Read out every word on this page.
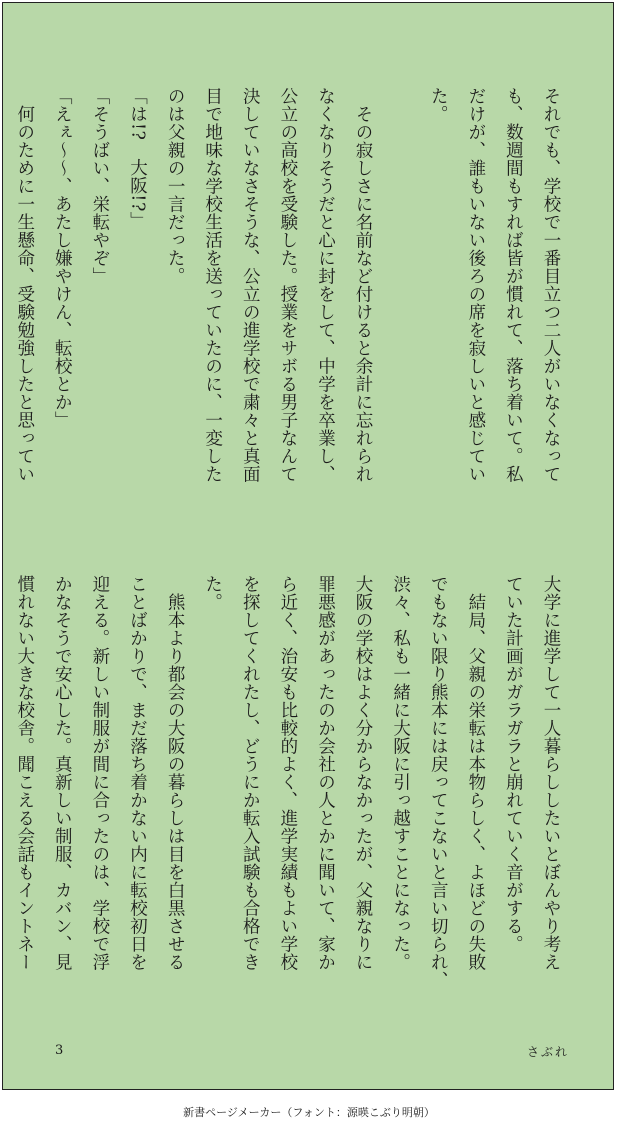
それでも、学校で一番目立つ二人がいなくなって

も、数週間もすれば皆が慣れて、落ち着いて。私

だけが、誰もいない後ろの席を寂しいと感じてい

た。

　その寂しさに名前など付けると余計に忘れられ

なくなりそうだと心に封をして、中学を卒業し、

公立の高校を受験した。授業をサボる男子なんて

決していなさそうな、公立の進学校で粛々と真面

目で地味な学校生活を送っていたのに、一変した

のは父親の一言だった。

「は!?　大阪!?」

「そうばい、栄転やぞ」

「えぇ〜〜、あたし嫌やけん、転校とか」

　何のために一生懸命、受験勉強したと思ってい

大学に進学して一人暮らししたいとぼんやり考え

ていた計画がガラガラと崩れていく音がする。

　結局、父親の栄転は本物らしく、よほどの失敗

でもない限り熊本には戻ってこないと言い切られ、

渋々、私も一緒に大阪に引っ越すことになった。

大阪の学校はよく分からなかったが、父親なりに

罪悪感があったのか会社の人とかに聞いて、家か

ら近く、治安も比較的よく、進学実績もよい学校

を探してくれたし、どうにか転入試験も合格でき

た。

　熊本より都会の大阪の暮らしは目を白黒させる

ことばかりで、まだ落ち着かない内に転校初日を

迎える。新しい制服が間に合ったのは、学校で浮

かなそうで安心した。真新しい制服、カバン、見

慣れない大きな校舎。聞こえる会話もイントネー

3	さぶれ
新書ページメーカー（フォント：源暎こぶり明朝）
